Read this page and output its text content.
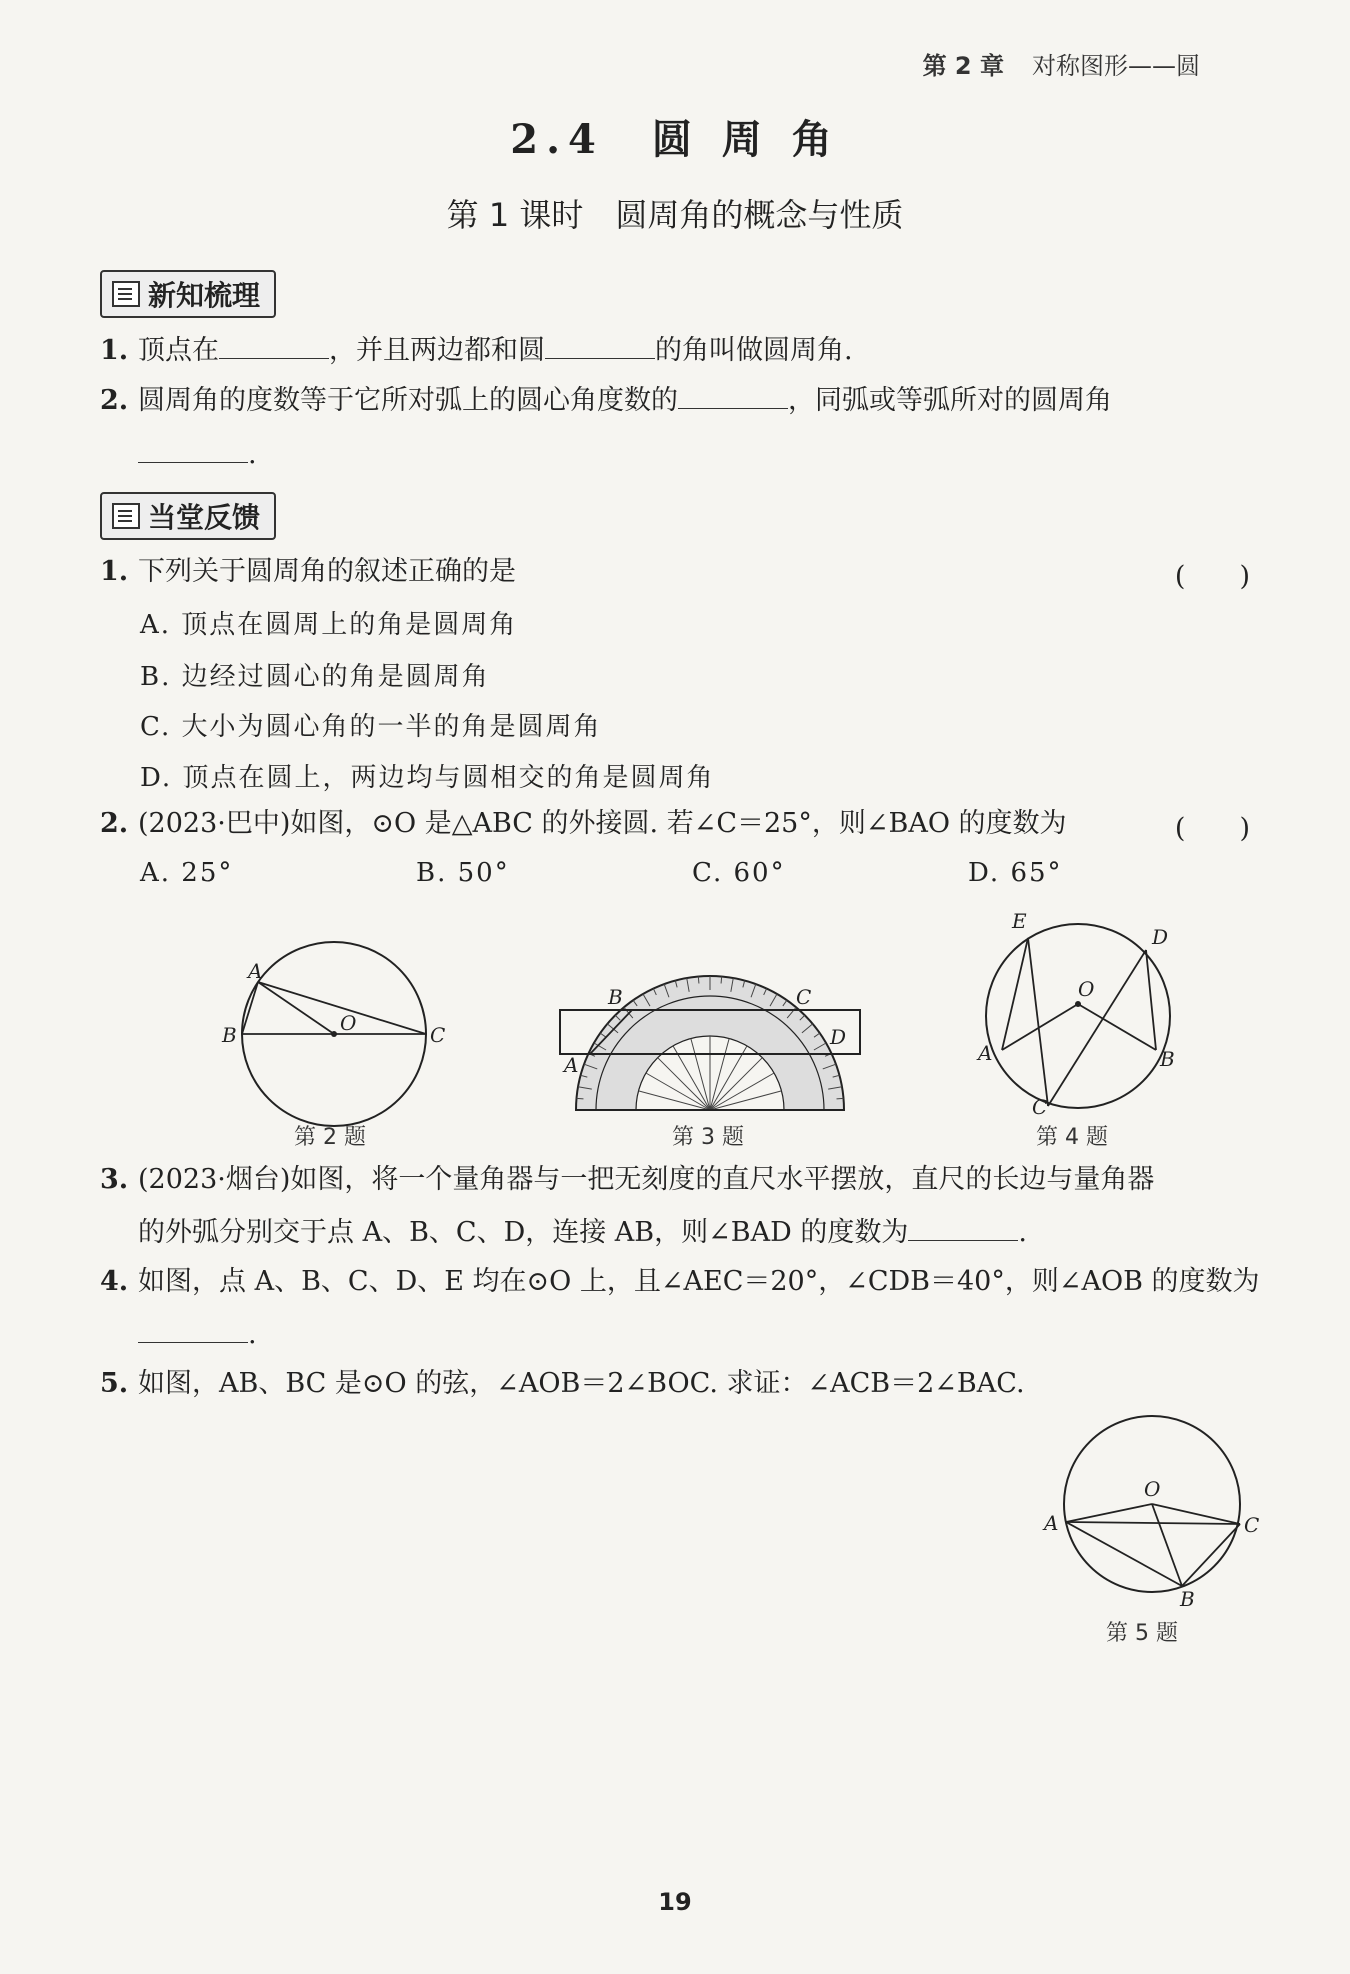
第 2 章 对称图形——圆
2.4　圆 周 角
第 1 课时　圆周角的概念与性质
新知梳理
1. 顶点在	，并且两边都和圆	的角叫做圆周角.
2. 圆周角的度数等于它所对弧上的圆心角度数的	，同弧或等弧所对的圆周角
.
当堂反馈
1. 下列关于圆周角的叙述正确的是	(　　)
A. 顶点在圆周上的角是圆周角
B. 边经过圆心的角是圆周角
C. 大小为圆心角的一半的角是圆周角
D. 顶点在圆上，两边均与圆相交的角是圆周角
2. (2023·巴中)如图，⊙O 是△ABC 的外接圆. 若∠C＝25°，则∠BAO 的度数为	(　　)
A. 25°	B. 50°	C. 60°	D. 65°
A
B	C
O
第 2 题
B	C
D
A
第 3 题
E
D
O
A	B
C
第 4 题
3. (2023·烟台)如图，将一个量角器与一把无刻度的直尺水平摆放，直尺的长边与量角器
的外弧分别交于点 A、B、C、D，连接 AB，则∠BAD 的度数为	.
4. 如图，点 A、B、C、D、E 均在⊙O 上，且∠AEC＝20°，∠CDB＝40°，则∠AOB 的度数为
.
5. 如图，AB、BC 是⊙O 的弦，∠AOB＝2∠BOC. 求证：∠ACB＝2∠BAC.
O
A	C
B
第 5 题
19
